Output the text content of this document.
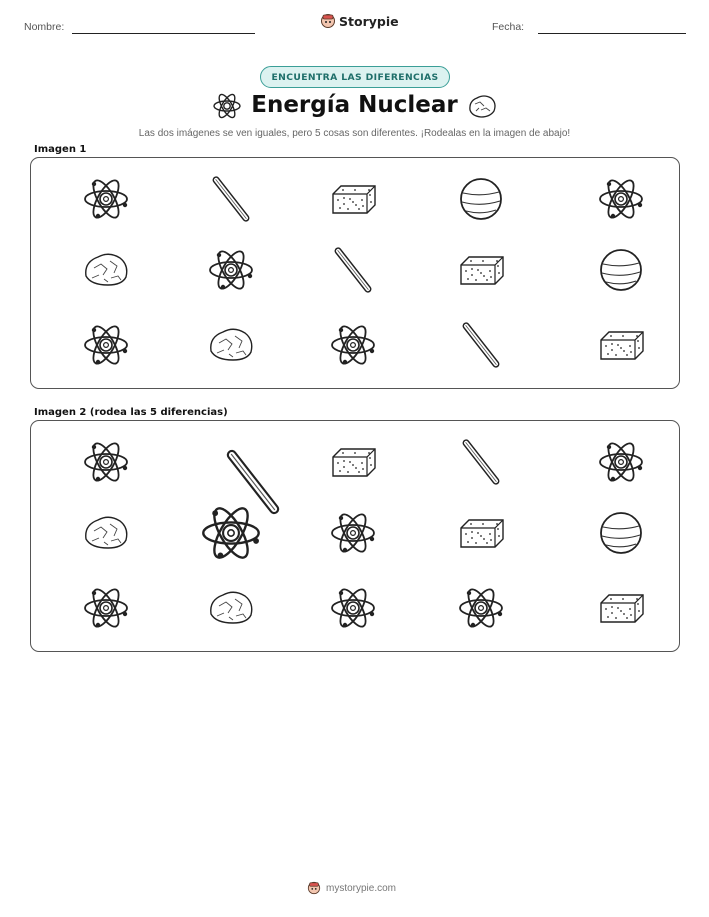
Nombre:	Storypie	Fecha:
ENCUENTRA LAS DIFERENCIAS
Energía Nuclear
Las dos imágenes se ven iguales, pero 5 cosas son diferentes. ¡Rodealas en la imagen de abajo!
Imagen 1
Imagen 2 (rodea las 5 diferencias)
mystorypie.com
